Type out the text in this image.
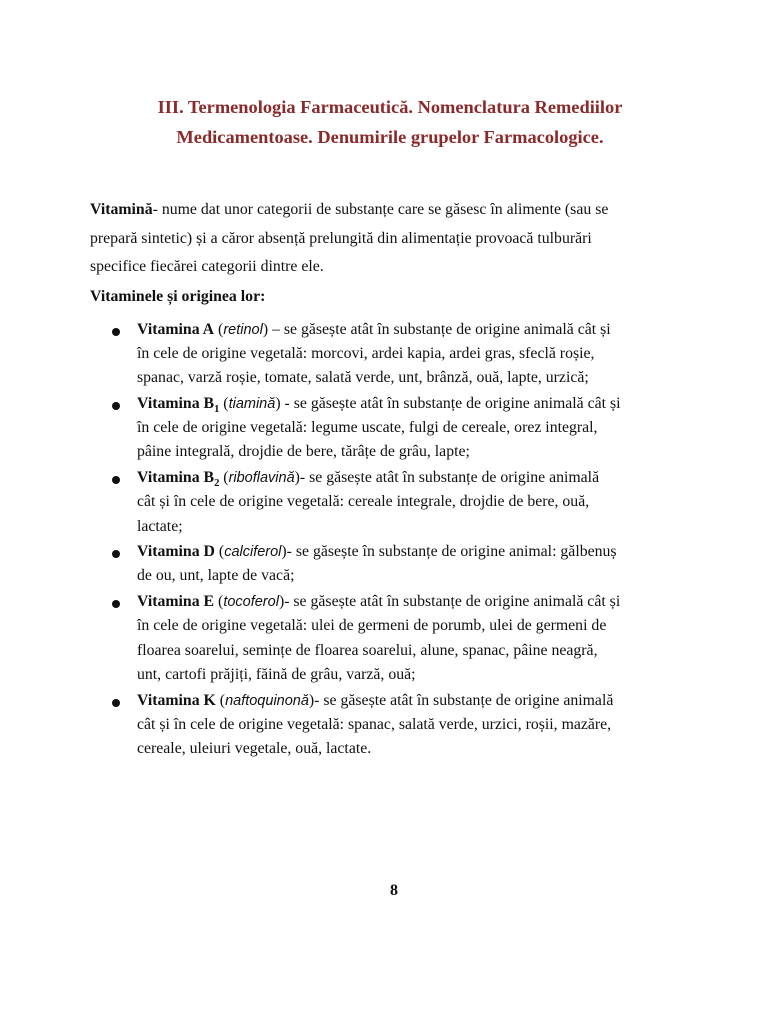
III. Termenologia Farmaceutică. Nomenclatura Remediilor
Medicamentoase. Denumirile grupelor Farmacologice.
Vitamină- nume dat unor categorii de substanțe care se găsesc în alimente (sau se
prepară sintetic) și a căror absență prelungită din alimentație provoacă tulburări
specifice fiecărei categorii dintre ele.
Vitaminele și originea lor:
Vitamina A (retinol) – se găsește atât în substanțe de origine animală cât și
în cele de origine vegetală: morcovi, ardei kapia, ardei gras, sfeclă roșie,
spanac, varză roșie, tomate, salată verde, unt, brânză, ouă, lapte, urzică;
Vitamina $B_1$ (tiamină) - se găsește atât în substanțe de origine animală cât și
în cele de origine vegetală: legume uscate, fulgi de cereale, orez integral,
pâine integrală, drojdie de bere, tărâțe de grâu, lapte;
Vitamina $B_2$ (riboflavină)- se găsește atât în substanțe de origine animală
cât și în cele de origine vegetală: cereale integrale, drojdie de bere, ouă,
lactate;
Vitamina D (calciferol)- se găsește în substanțe de origine animal: gălbenuș
de ou, unt, lapte de vacă;
Vitamina E (tocoferol)- se găsește atât în substanțe de origine animală cât și
în cele de origine vegetală: ulei de germeni de porumb, ulei de germeni de
floarea soarelui, semințe de floarea soarelui, alune, spanac, pâine neagră,
unt, cartofi prăjiți, făină de grâu, varză, ouă;
Vitamina K (naftoquinonă)- se găsește atât în substanțe de origine animală
cât și în cele de origine vegetală: spanac, salată verde, urzici, roșii, mazăre,
cereale, uleiuri vegetale, ouă, lactate.
8
